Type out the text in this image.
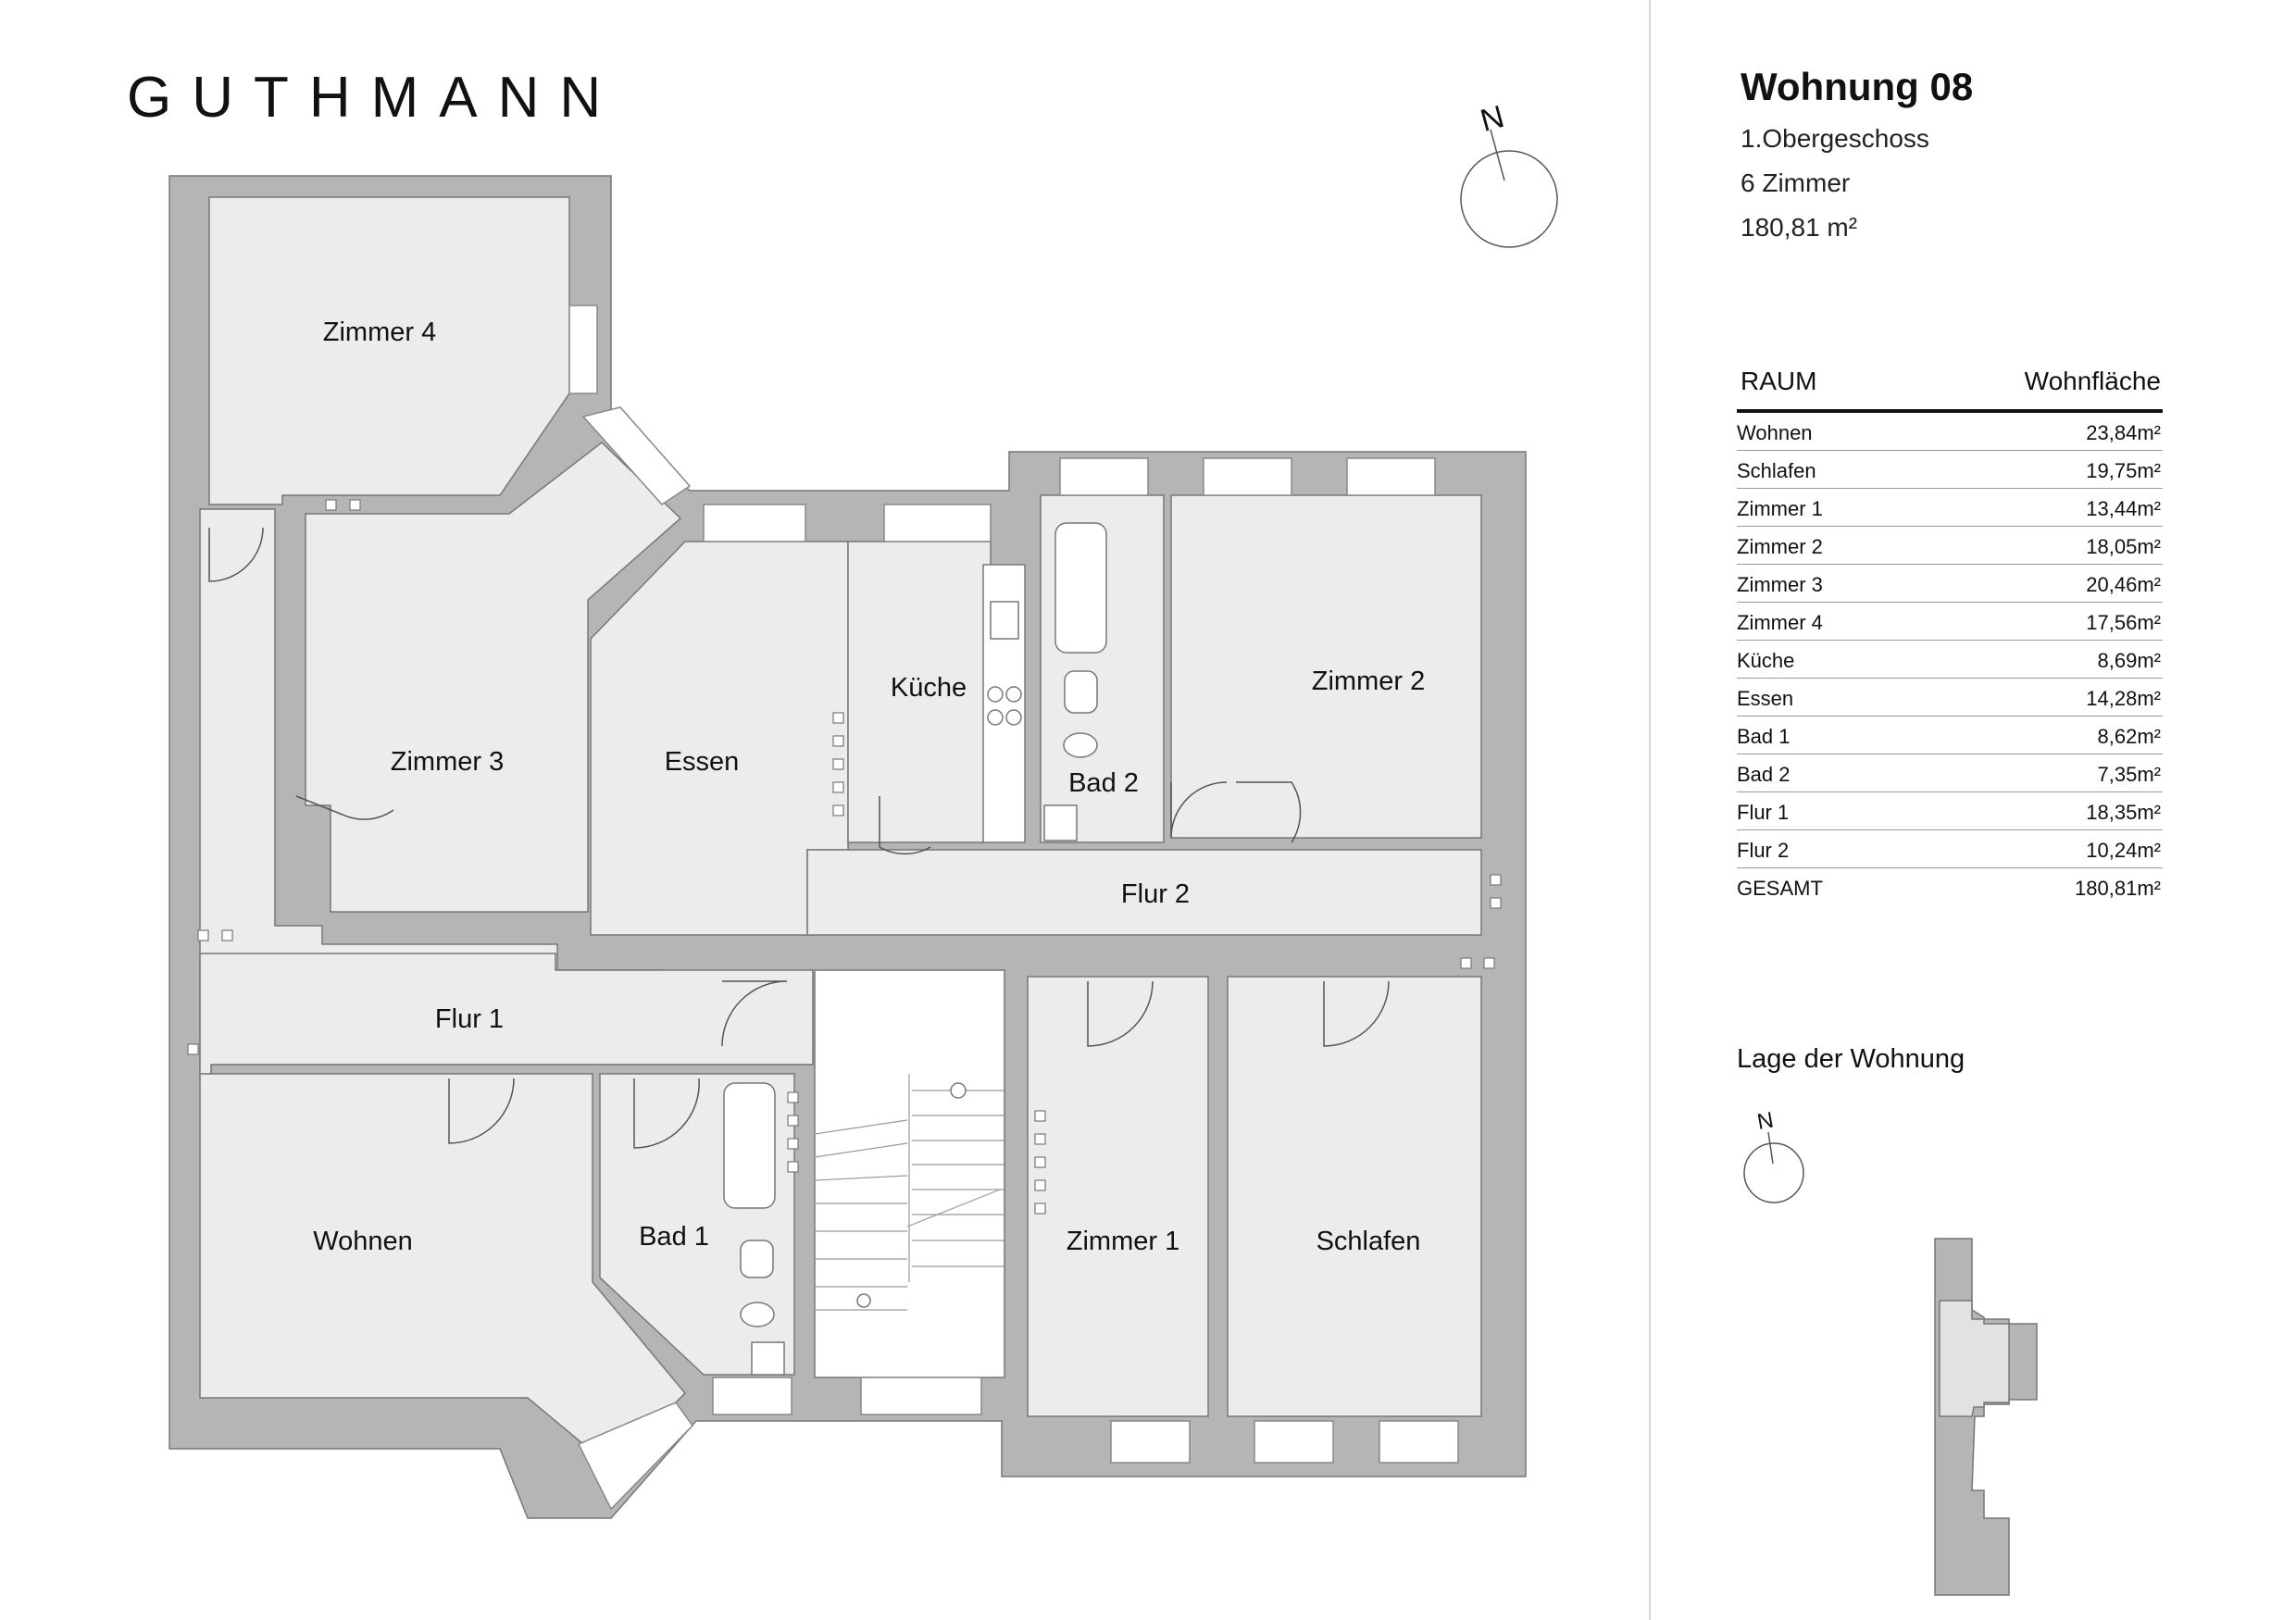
GUTHMANN
Zimmer 4
Zimmer 3	Essen
Küche
Bad 2
Zimmer 2
Flur 2
Flur 1
Wohnen	Bad 1	Zimmer 1	Schlafen
N
Wohnung 08
1.Obergeschoss
6 Zimmer
180,81 m²
RAUM	Wohnfläche
Wohnen	23,84m²
Schlafen	19,75m²
Zimmer 1	13,44m²
Zimmer 2	18,05m²
Zimmer 3	20,46m²
Zimmer 4	17,56m²
Küche	8,69m²
Essen	14,28m²
Bad 1	8,62m²
Bad 2	7,35m²
Flur 1	18,35m²
Flur 2	10,24m²
GESAMT	180,81m²
Lage der Wohnung
N
